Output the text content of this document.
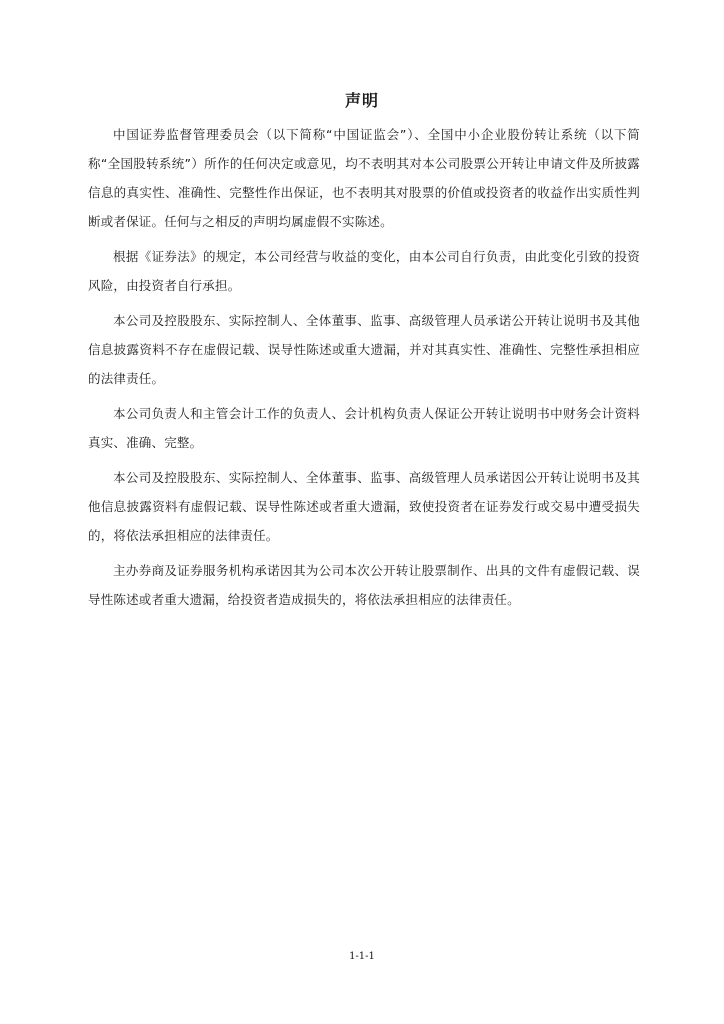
声明

中国证券监督管理委员会（以下简称“中国证监会”）、全国中小企业股份转让系统（以下简称“全国股转系统”）所作的任何决定或意见，均不表明其对本公司股票公开转让申请文件及所披露信息的真实性、准确性、完整性作出保证，也不表明其对股票的价值或投资者的收益作出实质性判断或者保证。任何与之相反的声明均属虚假不实陈述。

根据《证券法》的规定，本公司经营与收益的变化，由本公司自行负责，由此变化引致的投资风险，由投资者自行承担。

本公司及控股股东、实际控制人、全体董事、监事、高级管理人员承诺公开转让说明书及其他信息披露资料不存在虚假记载、误导性陈述或重大遗漏，并对其真实性、准确性、完整性承担相应的法律责任。

本公司负责人和主管会计工作的负责人、会计机构负责人保证公开转让说明书中财务会计资料真实、准确、完整。

本公司及控股股东、实际控制人、全体董事、监事、高级管理人员承诺因公开转让说明书及其他信息披露资料有虚假记载、误导性陈述或者重大遗漏，致使投资者在证券发行或交易中遭受损失的，将依法承担相应的法律责任。

主办券商及证券服务机构承诺因其为公司本次公开转让股票制作、出具的文件有虚假记载、误导性陈述或者重大遗漏，给投资者造成损失的，将依法承担相应的法律责任。

1-1-1
